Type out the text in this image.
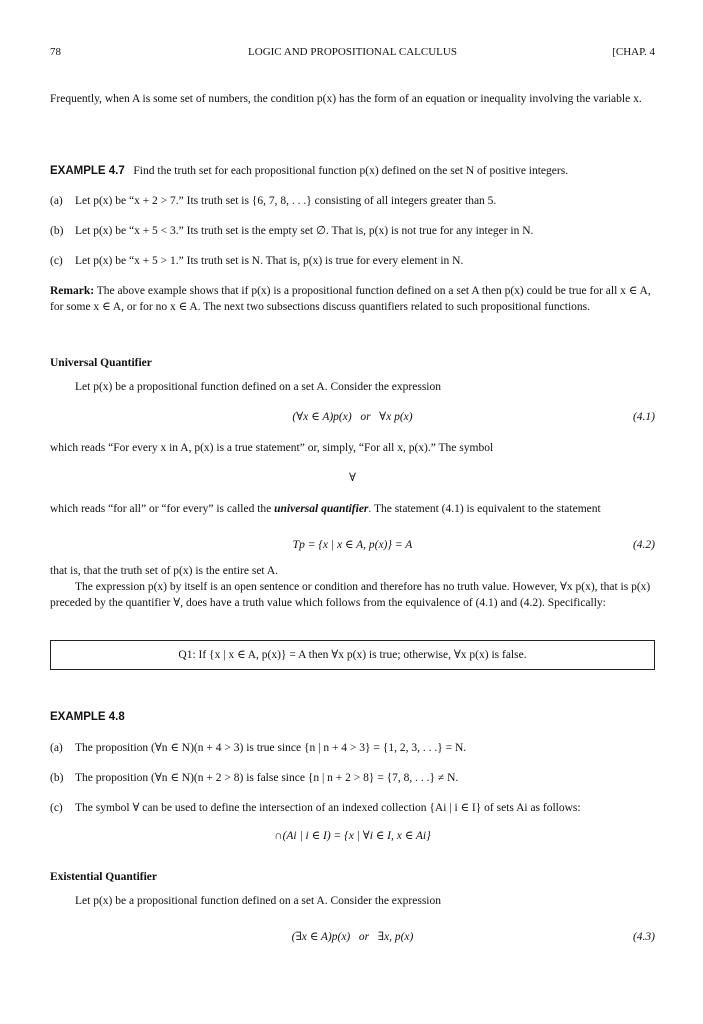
78	LOGIC AND PROPOSITIONAL CALCULUS	[CHAP. 4
Frequently, when A is some set of numbers, the condition p(x) has the form of an equation or inequality involving the variable x.
EXAMPLE 4.7 Find the truth set for each propositional function p(x) defined on the set N of positive integers.
(a) Let p(x) be “x + 2 > 7.” Its truth set is {6, 7, 8, . . .} consisting of all integers greater than 5.
(b) Let p(x) be “x + 5 < 3.” Its truth set is the empty set ∅. That is, p(x) is not true for any integer in N.
(c) Let p(x) be “x + 5 > 1.” Its truth set is N. That is, p(x) is true for every element in N.
Remark: The above example shows that if p(x) is a propositional function defined on a set A then p(x) could be true for all x ∈ A, for some x ∈ A, or for no x ∈ A. The next two subsections discuss quantifiers related to such propositional functions.
Universal Quantifier
Let p(x) be a propositional function defined on a set A. Consider the expression
(∀x ∈ A)p(x)   or   ∀x p(x)	(4.1)
which reads “For every x in A, p(x) is a true statement” or, simply, “For all x, p(x).” The symbol
∀
which reads “for all” or “for every” is called the universal quantifier. The statement (4.1) is equivalent to the statement
Tp = {x | x ∈ A, p(x)} = A	(4.2)
that is, that the truth set of p(x) is the entire set A.
The expression p(x) by itself is an open sentence or condition and therefore has no truth value. However, ∀x p(x), that is p(x) preceded by the quantifier ∀, does have a truth value which follows from the equivalence of (4.1) and (4.2). Specifically:
Q1: If {x | x ∈ A, p(x)} = A then ∀x p(x) is true; otherwise, ∀x p(x) is false.
EXAMPLE 4.8
(a) The proposition (∀n ∈ N)(n + 4 > 3) is true since {n | n + 4 > 3} = {1, 2, 3, . . .} = N.
(b) The proposition (∀n ∈ N)(n + 2 > 8) is false since {n | n + 2 > 8} = {7, 8, . . .} ≠ N.
(c) The symbol ∀ can be used to define the intersection of an indexed collection {Ai | i ∈ I} of sets Ai as follows:
∩(Ai | i ∈ I) = {x | ∀i ∈ I, x ∈ Ai}
Existential Quantifier
Let p(x) be a propositional function defined on a set A. Consider the expression
(∃x ∈ A)p(x)   or   ∃x, p(x)	(4.3)
